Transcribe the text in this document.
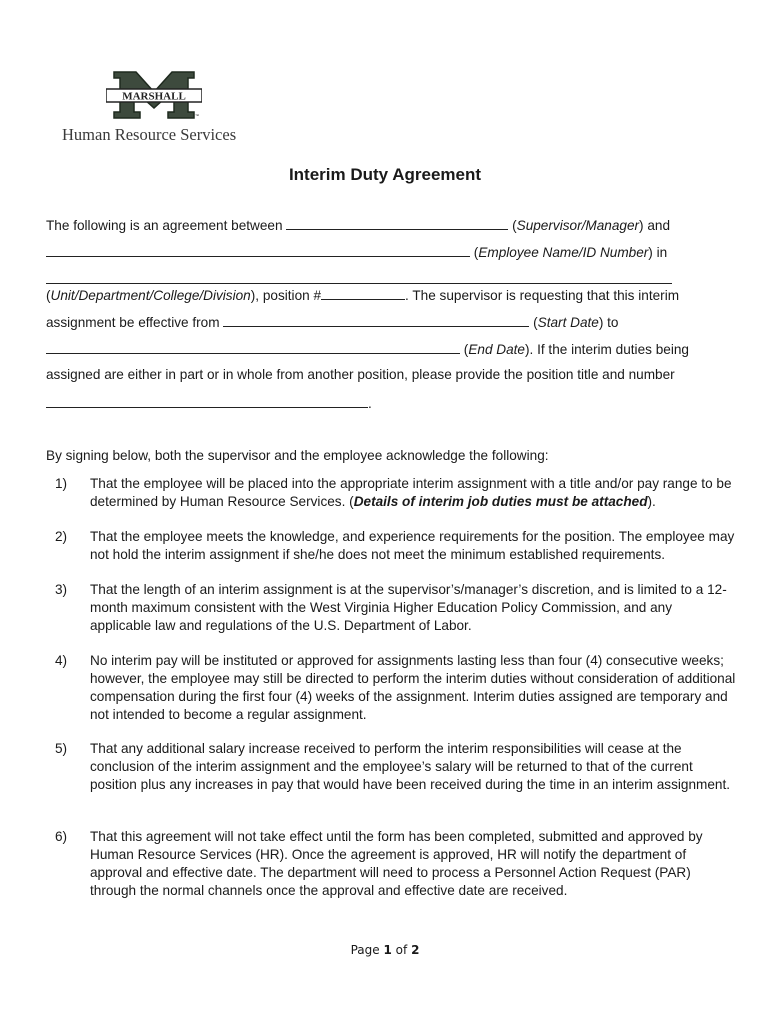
MARSHALL
™
Human Resource Services
Interim Duty Agreement
The following is an agreement between	(Supervisor/Manager) and
(Employee Name/ID Number) in
(Unit/Department/College/Division), position #	. The supervisor is requesting that this interim
assignment be effective from	(Start Date) to
(End Date). If the interim duties being
assigned are either in part or in whole from another position, please provide the position title and number
.
By signing below, both the supervisor and the employee acknowledge the following:
1) That the employee will be placed into the appropriate interim assignment with a title and/or pay range to be determined by Human Resource Services. (Details of interim job duties must be attached).
2) That the employee meets the knowledge, and experience requirements for the position. The employee may not hold the interim assignment if she/he does not meet the minimum established requirements.
3) That the length of an interim assignment is at the supervisor’s/manager’s discretion, and is limited to a 12-month maximum consistent with the West Virginia Higher Education Policy Commission, and any applicable law and regulations of the U.S. Department of Labor.
4) No interim pay will be instituted or approved for assignments lasting less than four (4) consecutive weeks; however, the employee may still be directed to perform the interim duties without consideration of additional compensation during the first four (4) weeks of the assignment. Interim duties assigned are temporary and not intended to become a regular assignment.
5) That any additional salary increase received to perform the interim responsibilities will cease at the conclusion of the interim assignment and the employee’s salary will be returned to that of the current position plus any increases in pay that would have been received during the time in an interim assignment.
6) That this agreement will not take effect until the form has been completed, submitted and approved by Human Resource Services (HR). Once the agreement is approved, HR will notify the department of approval and effective date. The department will need to process a Personnel Action Request (PAR) through the normal channels once the approval and effective date are received.
Page 1 of 2
